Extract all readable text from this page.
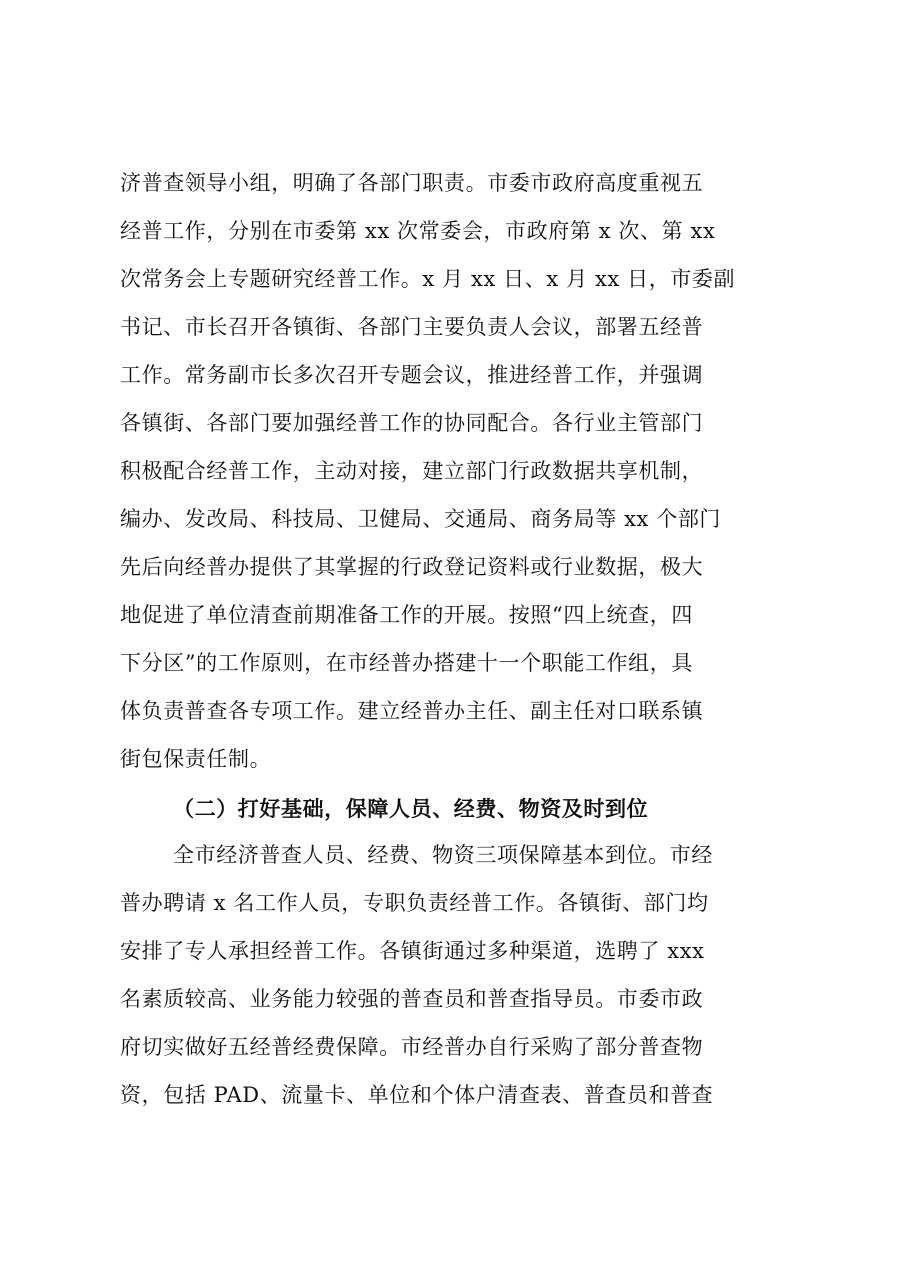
济普查领导小组，明确了各部门职责。市委市政府高度重视五
经普工作，分别在市委第 xx 次常委会，市政府第 x 次、第 xx
次常务会上专题研究经普工作。x 月 xx 日、x 月 xx 日，市委副
书记、市长召开各镇街、各部门主要负责人会议，部署五经普
工作。常务副市长多次召开专题会议，推进经普工作，并强调
各镇街、各部门要加强经普工作的协同配合。各行业主管部门
积极配合经普工作，主动对接，建立部门行政数据共享机制，
编办、发改局、科技局、卫健局、交通局、商务局等 xx 个部门
先后向经普办提供了其掌握的行政登记资料或行业数据，极大
地促进了单位清查前期准备工作的开展。按照“四上统查，四
下分区”的工作原则，在市经普办搭建十一个职能工作组，具
体负责普查各专项工作。建立经普办主任、副主任对口联系镇
街包保责任制。
（二）打好基础，保障人员、经费、物资及时到位
全市经济普查人员、经费、物资三项保障基本到位。市经
普办聘请 x 名工作人员，专职负责经普工作。各镇街、部门均
安排了专人承担经普工作。各镇街通过多种渠道，选聘了 xxx
名素质较高、业务能力较强的普查员和普查指导员。市委市政
府切实做好五经普经费保障。市经普办自行采购了部分普查物
资，包括 PAD、流量卡、单位和个体户清查表、普查员和普查
